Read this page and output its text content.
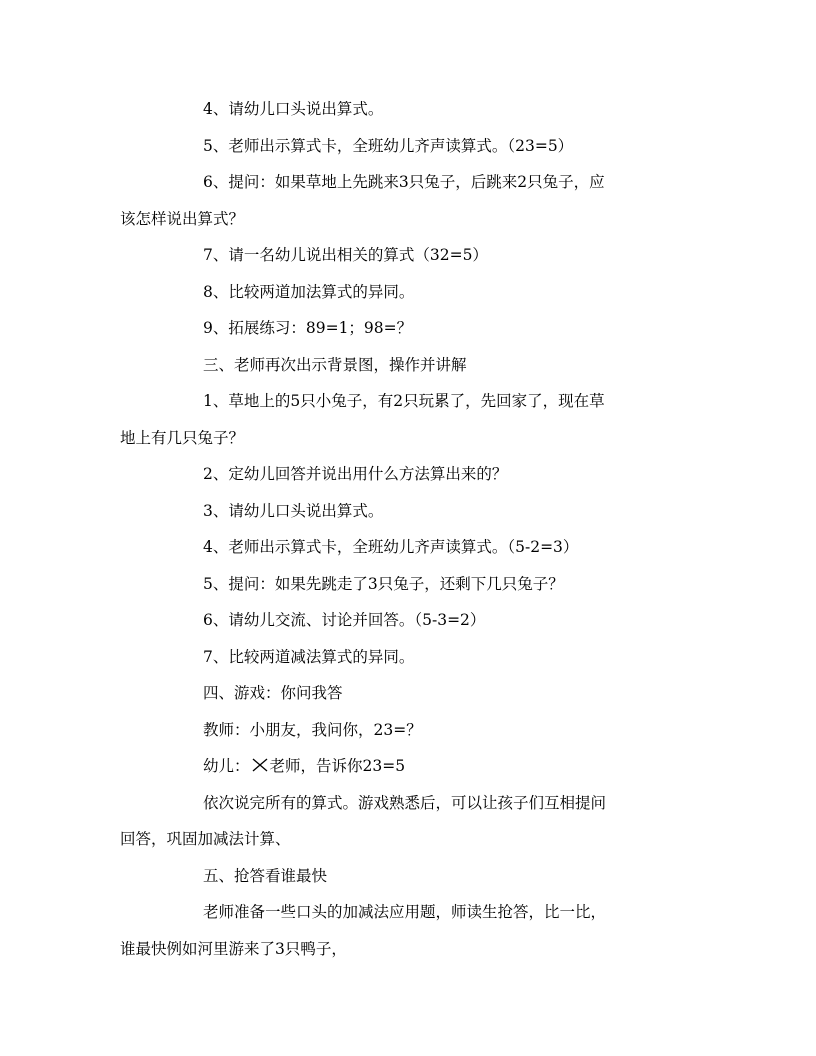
4、请幼儿口头说出算式。

5、老师出示算式卡，全班幼儿齐声读算式。（23=5）

6、提问：如果草地上先跳来3只兔子，后跳来2只兔子，应
该怎样说出算式？

7、请一名幼儿说出相关的算式（32=5）

8、比较两道加法算式的异同。

9、拓展练习：89=1；98=？

三、老师再次出示背景图，操作并讲解

1、草地上的5只小兔子，有2只玩累了，先回家了，现在草
地上有几只兔子？

2、定幼儿回答并说出用什么方法算出来的？

3、请幼儿口头说出算式。

4、老师出示算式卡，全班幼儿齐声读算式。（5-2=3）

5、提问：如果先跳走了3只兔子，还剩下几只兔子？

6、请幼儿交流、讨论并回答。（5-3=2）

7、比较两道减法算式的异同。

四、游戏：你问我答

教师：小朋友，我问你，23=？

幼儿： 老师，告诉你23=5

依次说完所有的算式。游戏熟悉后，可以让孩子们互相提问
回答，巩固加减法计算、

五、抢答看谁最快

老师准备一些口头的加减法应用题，师读生抢答，比一比，
谁最快例如河里游来了3只鸭子，
